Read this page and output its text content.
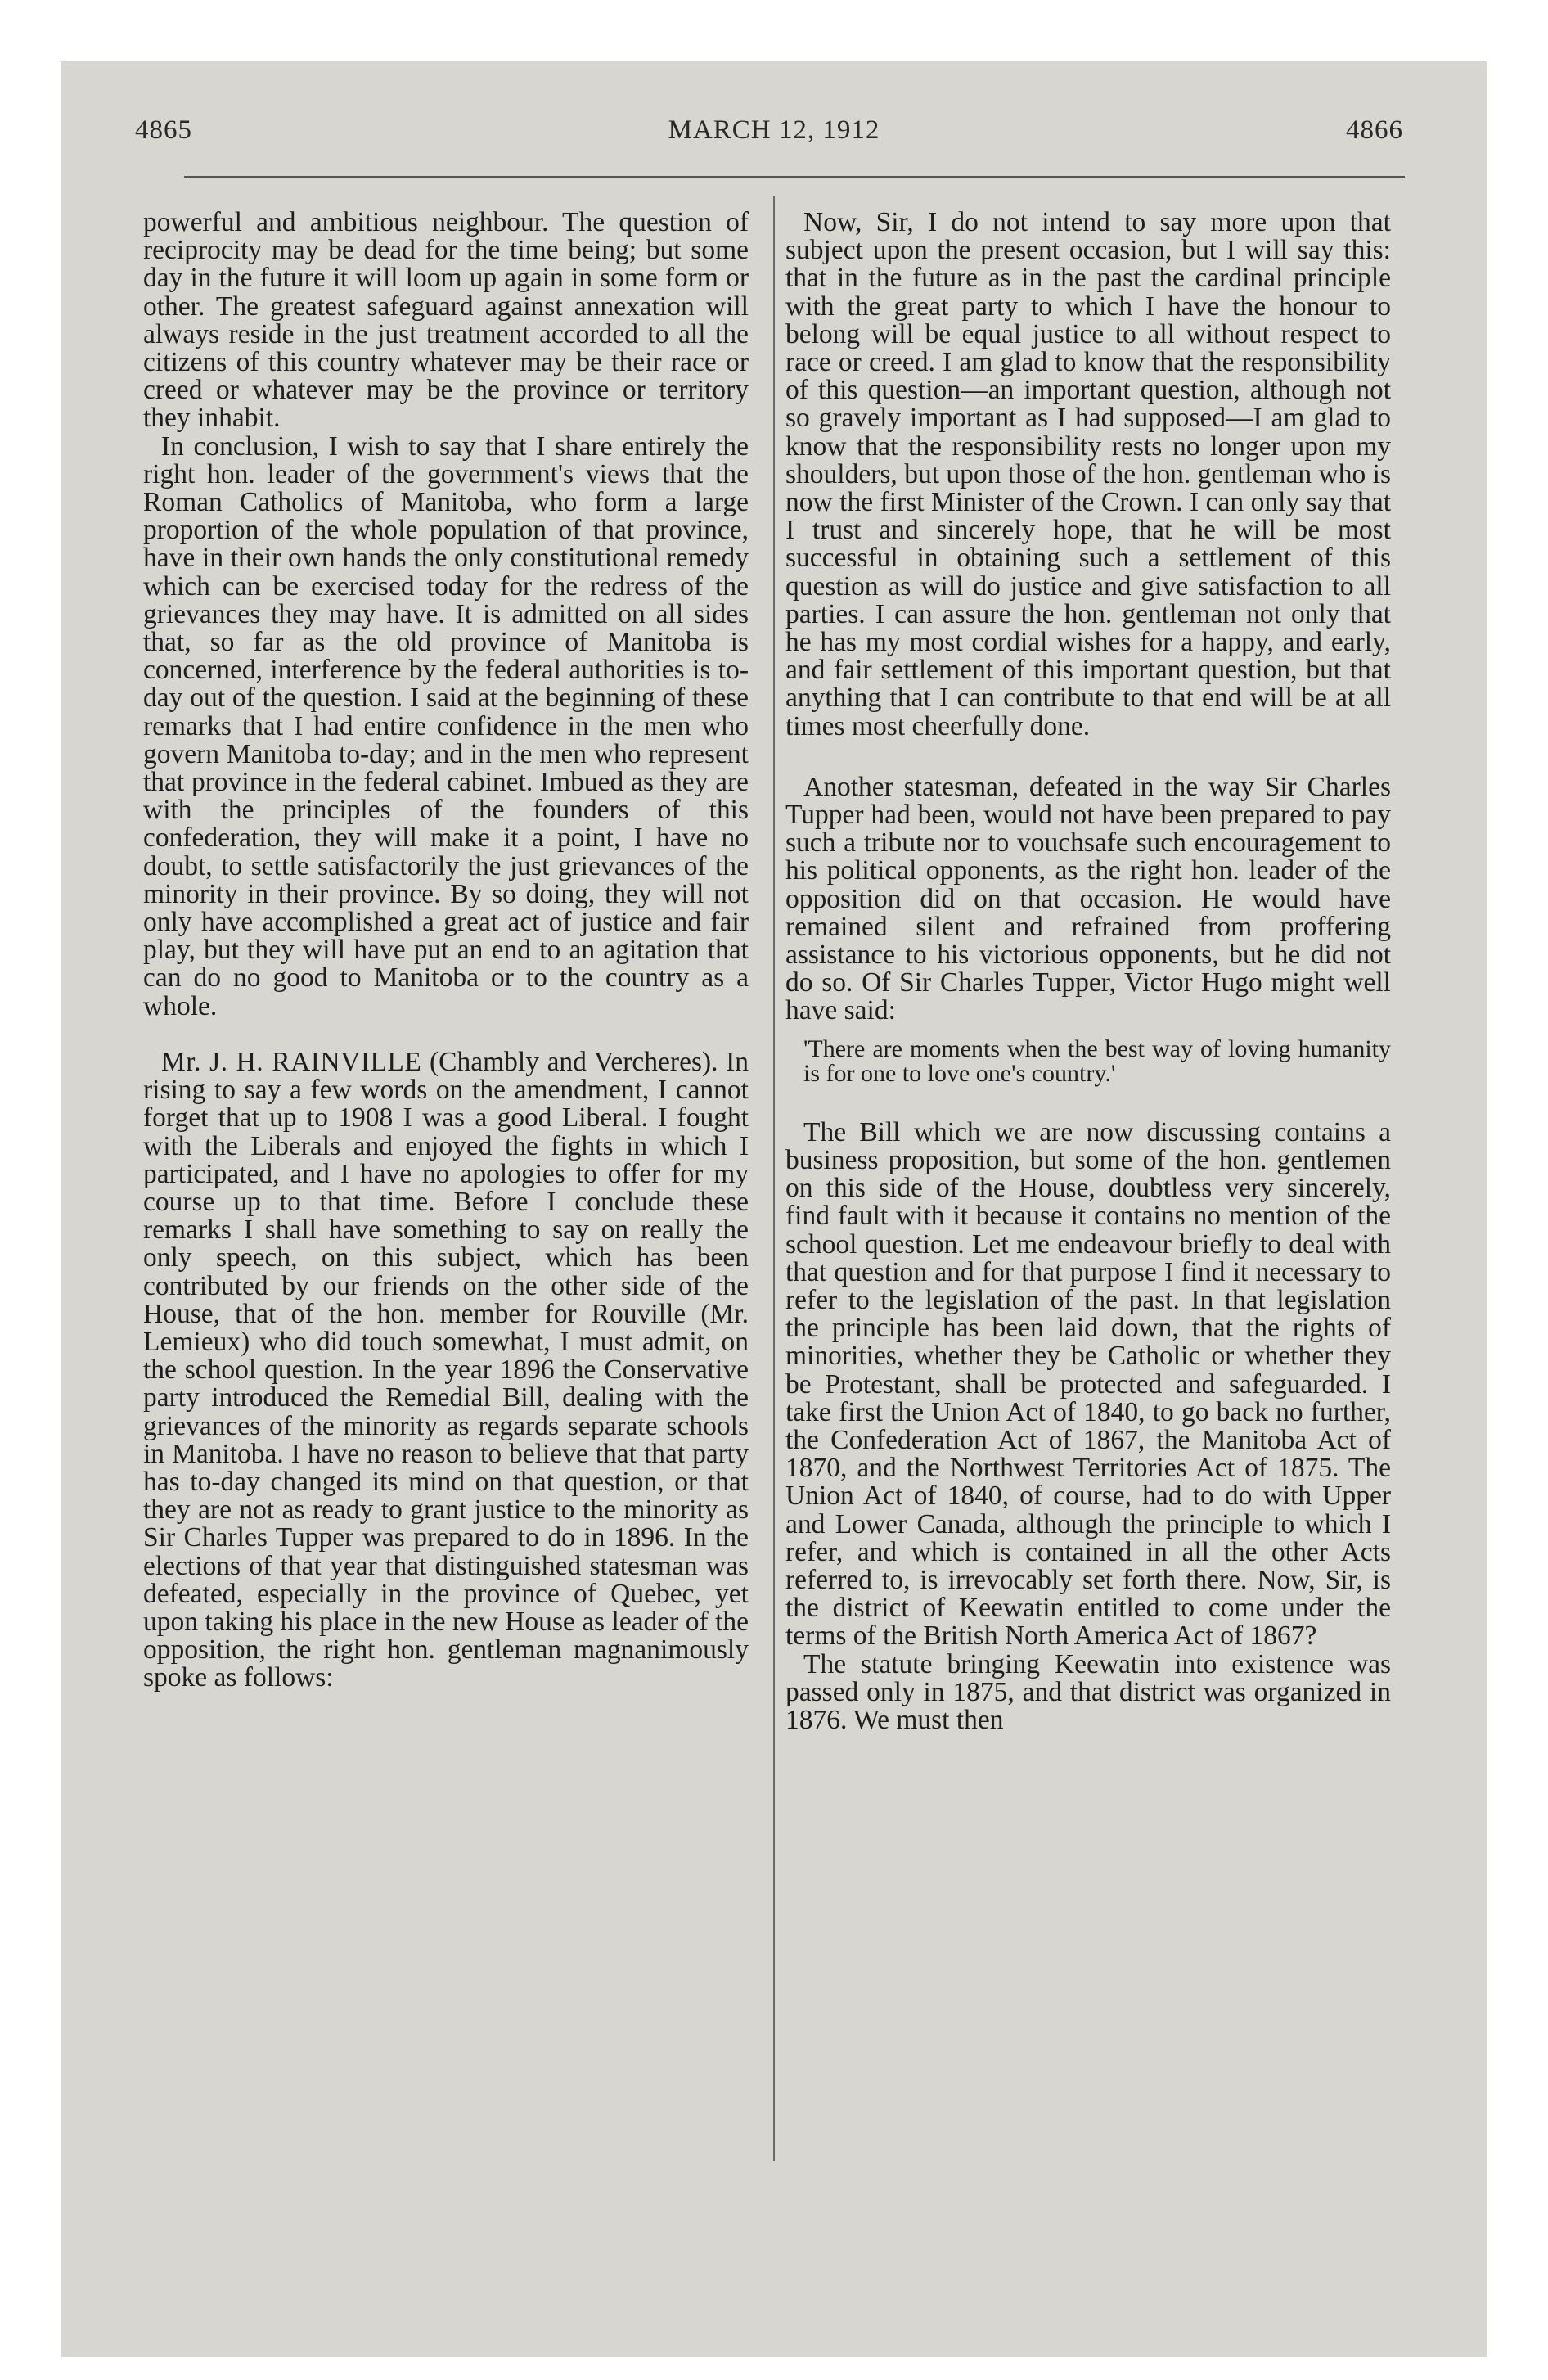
4865	MARCH 12, 1912	4866

powerful and ambitious neighbour. The question of reciprocity may be dead for the time being; but some day in the future it will loom up again in some form or other. The greatest safeguard against annexation will always reside in the just treatment accorded to all the citizens of this country whatever may be their race or creed or whatever may be the province or territory they inhabit.

In conclusion, I wish to say that I share entirely the right hon. leader of the government's views that the Roman Catholics of Manitoba, who form a large proportion of the whole population of that province, have in their own hands the only constitutional remedy which can be exercised today for the redress of the grievances they may have. It is admitted on all sides that, so far as the old province of Manitoba is concerned, interference by the federal authorities is to-day out of the question. I said at the beginning of these remarks that I had entire confidence in the men who govern Manitoba to-day; and in the men who represent that province in the federal cabinet. Imbued as they are with the principles of the founders of this confederation, they will make it a point, I have no doubt, to settle satisfactorily the just grievances of the minority in their province. By so doing, they will not only have accomplished a great act of justice and fair play, but they will have put an end to an agitation that can do no good to Manitoba or to the country as a whole.

Mr. J. H. RAINVILLE (Chambly and Vercheres). In rising to say a few words on the amendment, I cannot forget that up to 1908 I was a good Liberal. I fought with the Liberals and enjoyed the fights in which I participated, and I have no apologies to offer for my course up to that time. Before I conclude these remarks I shall have something to say on really the only speech, on this subject, which has been contributed by our friends on the other side of the House, that of the hon. member for Rouville (Mr. Lemieux) who did touch somewhat, I must admit, on the school question. In the year 1896 the Conservative party introduced the Remedial Bill, dealing with the grievances of the minority as regards separate schools in Manitoba. I have no reason to believe that that party has to-day changed its mind on that question, or that they are not as ready to grant justice to the minority as Sir Charles Tupper was prepared to do in 1896. In the elections of that year that distinguished statesman was defeated, especially in the province of Quebec, yet upon taking his place in the new House as leader of the opposition, the right hon. gentleman magnanimously spoke as follows:

Now, Sir, I do not intend to say more upon that subject upon the present occasion, but I will say this: that in the future as in the past the cardinal principle with the great party to which I have the honour to belong will be equal justice to all without respect to race or creed. I am glad to know that the responsibility of this question—an important question, although not so gravely important as I had supposed—I am glad to know that the responsibility rests no longer upon my shoulders, but upon those of the hon. gentleman who is now the first Minister of the Crown. I can only say that I trust and sincerely hope, that he will be most successful in obtaining such a settlement of this question as will do justice and give satisfaction to all parties. I can assure the hon. gentleman not only that he has my most cordial wishes for a happy, and early, and fair settlement of this important question, but that anything that I can contribute to that end will be at all times most cheerfully done.

Another statesman, defeated in the way Sir Charles Tupper had been, would not have been prepared to pay such a tribute nor to vouchsafe such encouragement to his political opponents, as the right hon. leader of the opposition did on that occasion. He would have remained silent and refrained from proffering assistance to his victorious opponents, but he did not do so. Of Sir Charles Tupper, Victor Hugo might well have said:

'There are moments when the best way of loving humanity is for one to love one's country.'

The Bill which we are now discussing contains a business proposition, but some of the hon. gentlemen on this side of the House, doubtless very sincerely, find fault with it because it contains no mention of the school question. Let me endeavour briefly to deal with that question and for that purpose I find it necessary to refer to the legislation of the past. In that legislation the principle has been laid down, that the rights of minorities, whether they be Catholic or whether they be Protestant, shall be protected and safeguarded. I take first the Union Act of 1840, to go back no further, the Confederation Act of 1867, the Manitoba Act of 1870, and the Northwest Territories Act of 1875. The Union Act of 1840, of course, had to do with Upper and Lower Canada, although the principle to which I refer, and which is contained in all the other Acts referred to, is irrevocably set forth there. Now, Sir, is the district of Keewatin entitled to come under the terms of the British North America Act of 1867?

The statute bringing Keewatin into existence was passed only in 1875, and that district was organized in 1876. We must then
